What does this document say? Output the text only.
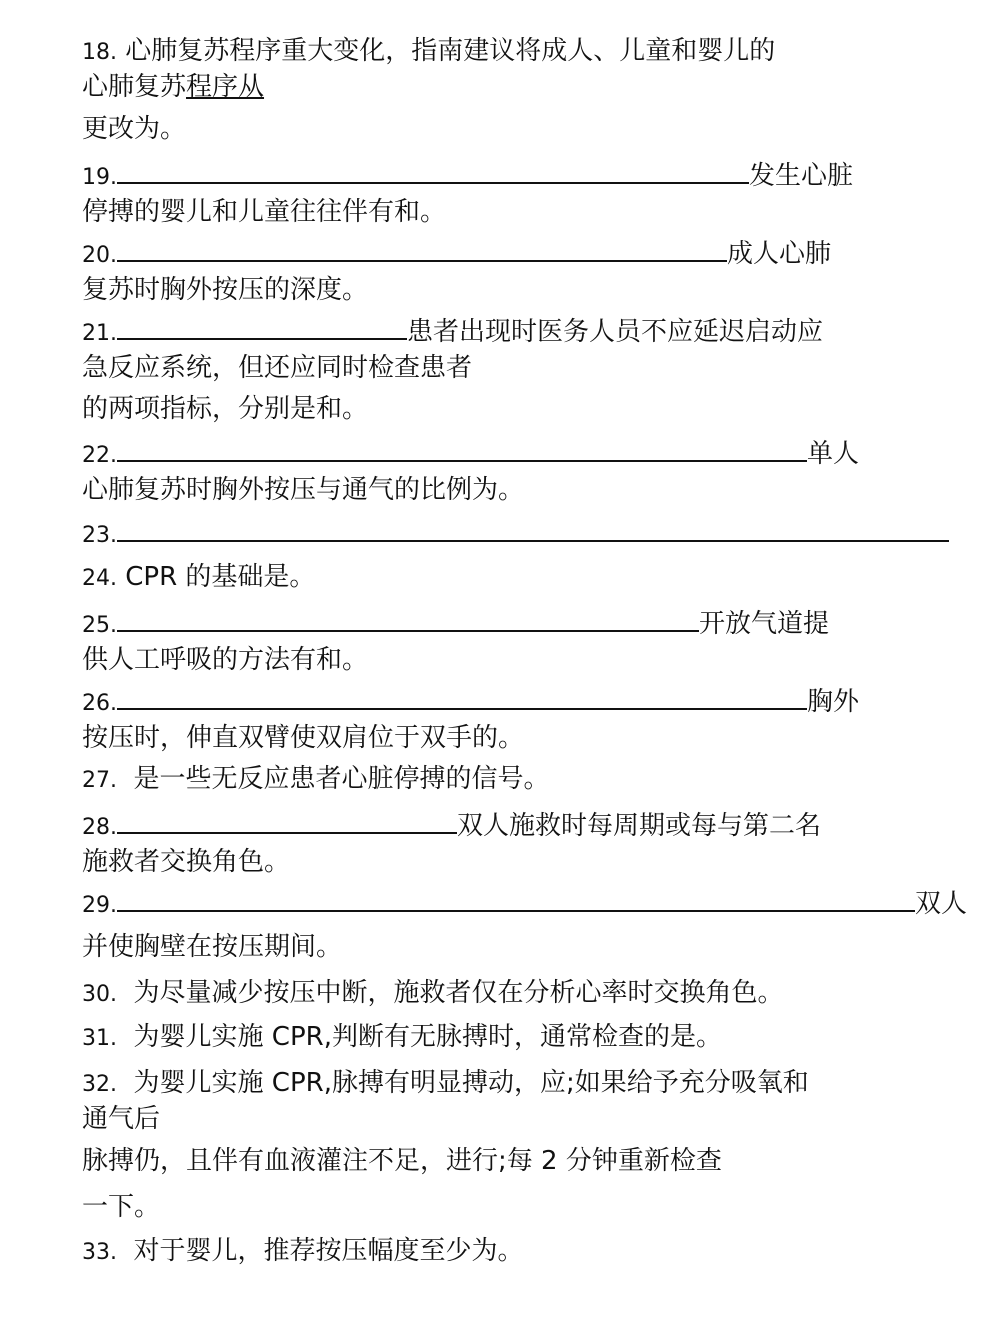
18. 心肺复苏程序重大变化，指南建议将成人、儿童和婴儿的
心肺复苏程序从
更改为。
19.	发生心脏
停搏的婴儿和儿童往往伴有和。
20.	成人心肺
复苏时胸外按压的深度。
21.	患者出现时医务人员不应延迟启动应
急反应系统，但还应同时检查患者
的两项指标，分别是和。
22.	单人
心肺复苏时胸外按压与通气的比例为。
23.
24. CPR 的基础是。
25.	开放气道提
供人工呼吸的方法有和。
26.	胸外
按压时，伸直双臂使双肩位于双手的。
27. 是一些无反应患者心脏停搏的信号。
28.	双人施救时每周期或每与第二名
施救者交换角色。
29.	双人
并使胸壁在按压期间。
30. 为尽量减少按压中断，施救者仅在分析心率时交换角色。
31. 为婴儿实施 CPR,判断有无脉搏时，通常检查的是。
32. 为婴儿实施 CPR,脉搏有明显搏动，应;如果给予充分吸氧和
通气后
脉搏仍，且伴有血液灌注不足，进行;每 2 分钟重新检查
一下。
33. 对于婴儿，推荐按压幅度至少为。
